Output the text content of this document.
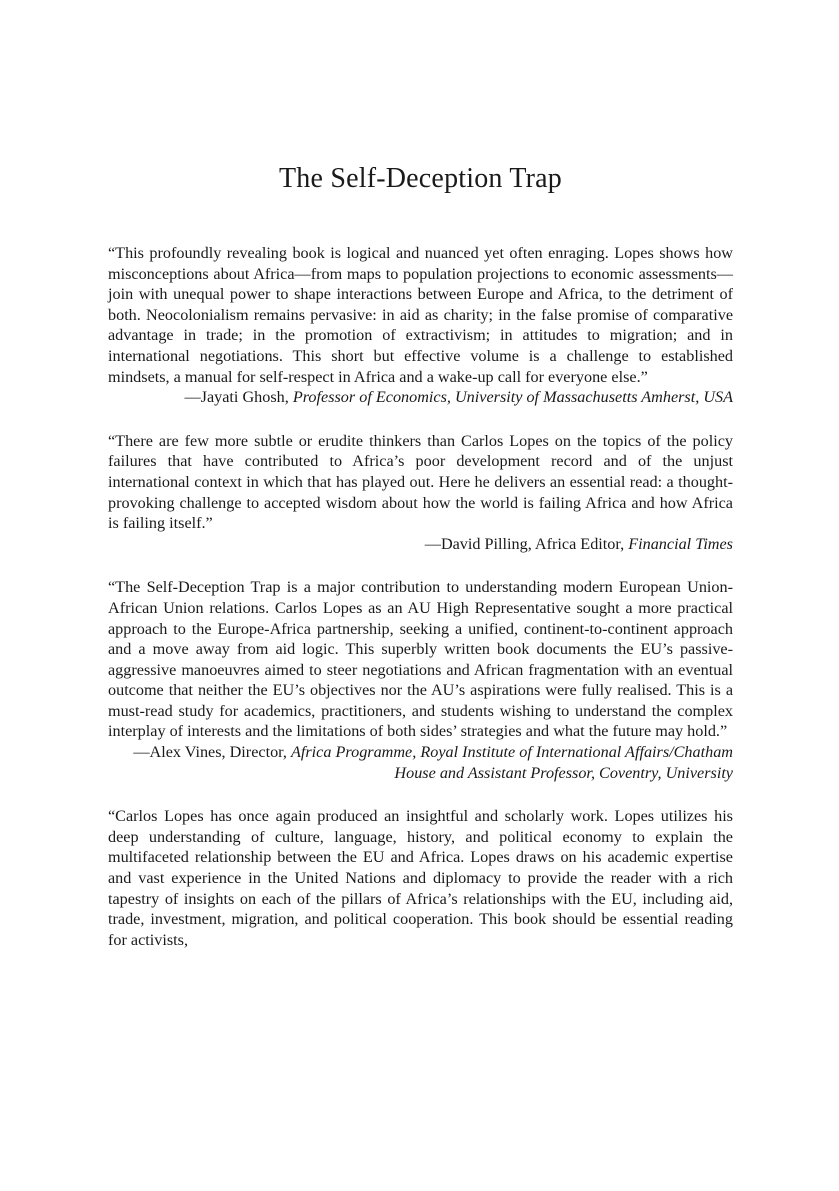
The Self-Deception Trap

“This profoundly revealing book is logical and nuanced yet often enraging. Lopes shows how misconceptions about Africa—from maps to population projections to economic assessments—join with unequal power to shape interactions between Europe and Africa, to the detriment of both. Neocolonialism remains pervasive: in aid as charity; in the false promise of comparative advantage in trade; in the promotion of extractivism; in attitudes to migration; and in international negotiations. This short but effective volume is a challenge to established mindsets, a manual for self-respect in Africa and a wake-up call for everyone else.”

—Jayati Ghosh, Professor of Economics, University of Massachusetts Amherst, USA

“There are few more subtle or erudite thinkers than Carlos Lopes on the topics of the policy failures that have contributed to Africa’s poor development record and of the unjust international context in which that has played out. Here he delivers an essential read: a thought-provoking challenge to accepted wisdom about how the world is failing Africa and how Africa is failing itself.”

—David Pilling, Africa Editor, Financial Times

“The Self-Deception Trap is a major contribution to understanding modern European Union-African Union relations. Carlos Lopes as an AU High Representative sought a more practical approach to the Europe-Africa partnership, seeking a unified, continent-to-continent approach and a move away from aid logic. This superbly written book documents the EU’s passive-aggressive manoeuvres aimed to steer negotiations and African fragmentation with an eventual outcome that neither the EU’s objectives nor the AU’s aspirations were fully realised. This is a must-read study for academics, practitioners, and students wishing to understand the complex interplay of interests and the limitations of both sides’ strategies and what the future may hold.”

—Alex Vines, Director, Africa Programme, Royal Institute of International Affairs/Chatham House and Assistant Professor, Coventry, University

“Carlos Lopes has once again produced an insightful and scholarly work. Lopes utilizes his deep understanding of culture, language, history, and political economy to explain the multifaceted relationship between the EU and Africa. Lopes draws on his academic expertise and vast experience in the United Nations and diplomacy to provide the reader with a rich tapestry of insights on each of the pillars of Africa’s relationships with the EU, including aid, trade, investment, migration, and political cooperation. This book should be essential reading for activists,
